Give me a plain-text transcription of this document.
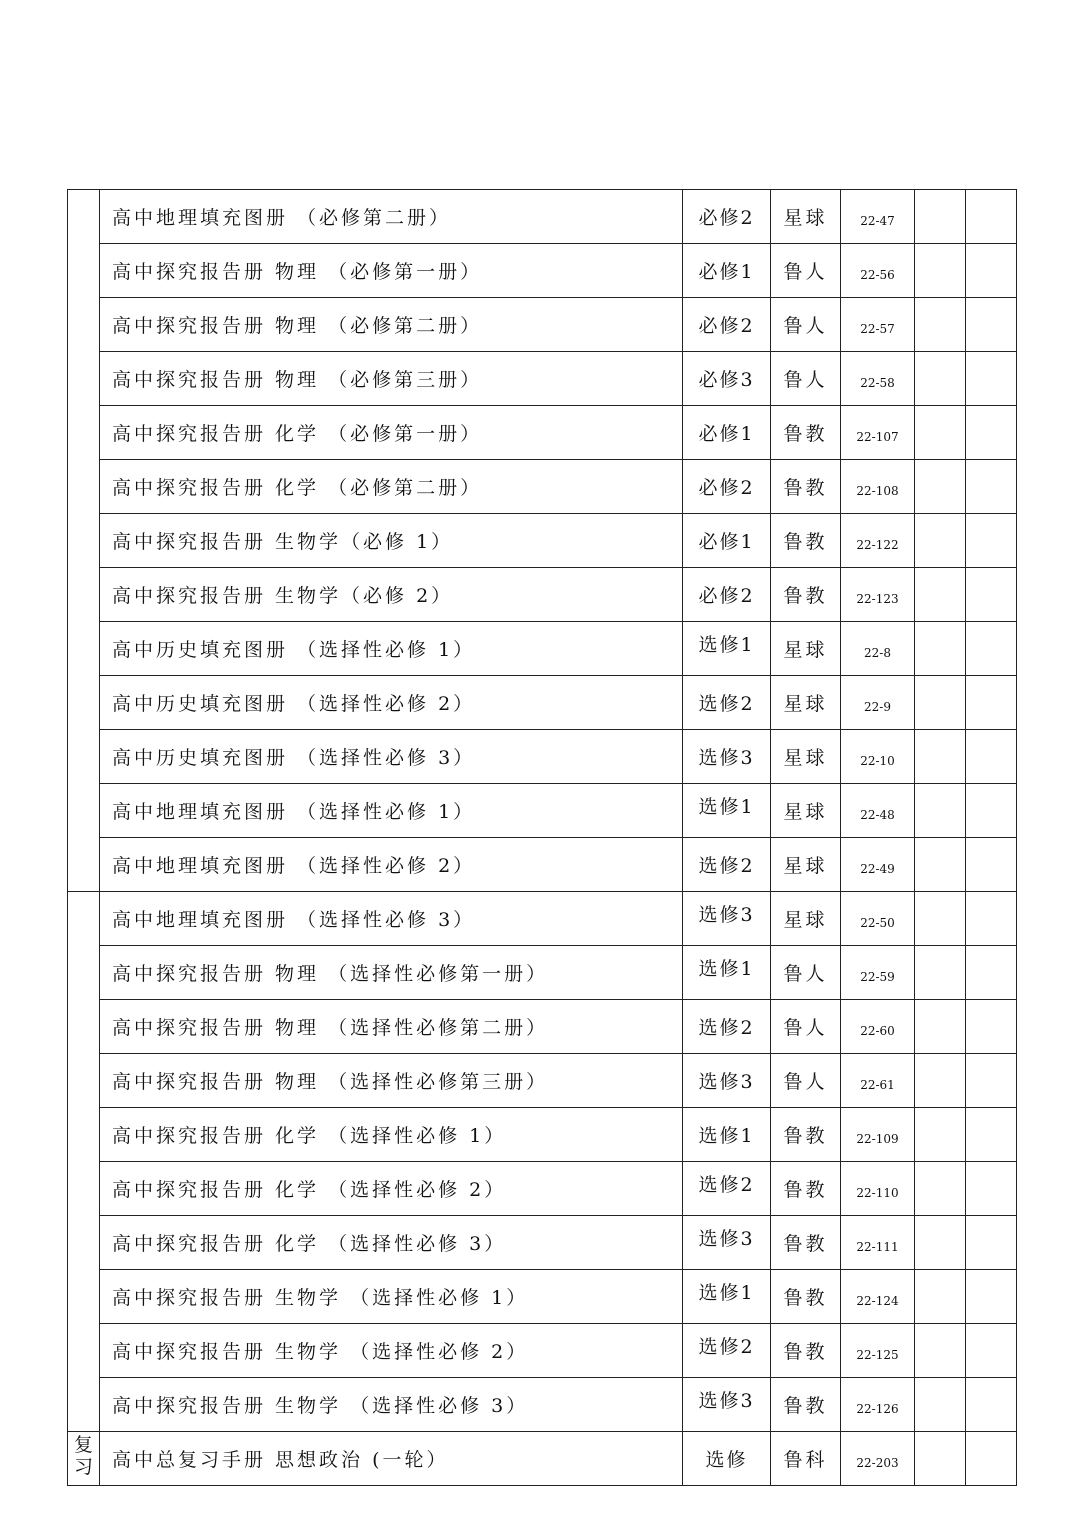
	高中地理填充图册 （必修第二册）	必修2	星球	22-47		
	高中探究报告册 物理 （必修第一册）	必修1	鲁人	22-56		
	高中探究报告册 物理 （必修第二册）	必修2	鲁人	22-57		
	高中探究报告册 物理 （必修第三册）	必修3	鲁人	22-58		
	高中探究报告册 化学 （必修第一册）	必修1	鲁教	22-107		
	高中探究报告册 化学 （必修第二册）	必修2	鲁教	22-108		
	高中探究报告册 生物学（必修 1）	必修1	鲁教	22-122		
	高中探究报告册 生物学（必修 2）	必修2	鲁教	22-123		
	高中历史填充图册 （选择性必修 1）	选修1	星球	22-8		
	高中历史填充图册 （选择性必修 2）	选修2	星球	22-9		
	高中历史填充图册 （选择性必修 3）	选修3	星球	22-10		
	高中地理填充图册 （选择性必修 1）	选修1	星球	22-48		
	高中地理填充图册 （选择性必修 2）	选修2	星球	22-49		
	高中地理填充图册 （选择性必修 3）	选修3	星球	22-50		
	高中探究报告册 物理 （选择性必修第一册）	选修1	鲁人	22-59		
	高中探究报告册 物理 （选择性必修第二册）	选修2	鲁人	22-60		
	高中探究报告册 物理 （选择性必修第三册）	选修3	鲁人	22-61		
	高中探究报告册 化学 （选择性必修 1）	选修1	鲁教	22-109		
	高中探究报告册 化学 （选择性必修 2）	选修2	鲁教	22-110		
	高中探究报告册 化学 （选择性必修 3）	选修3	鲁教	22-111		
	高中探究报告册 生物学 （选择性必修 1）	选修1	鲁教	22-124		
	高中探究报告册 生物学 （选择性必修 2）	选修2	鲁教	22-125		
	高中探究报告册 生物学 （选择性必修 3）	选修3	鲁教	22-126		

复习	高中总复习手册 思想政治 (一轮）	选修	鲁科	22-203		
